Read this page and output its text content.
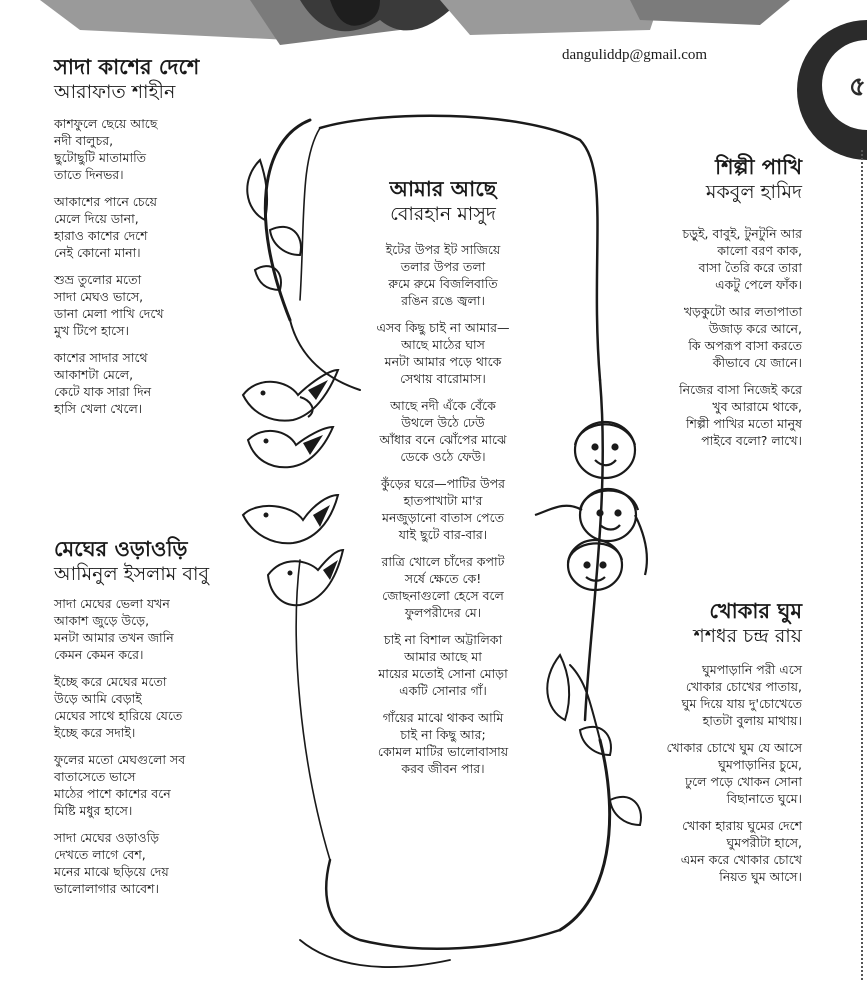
৫
danguliddp@gmail.com
সাদা কাশের দেশে
আরাফাত শাহীন
কাশফুলে ছেয়ে আছে
নদী বালুচর,
ছুটোছুটি মাতামাতি
তাতে দিনভর।
আকাশের পানে চেয়ে
মেলে দিয়ে ডানা,
হারাও কাশের দেশে
নেই কোনো মানা।
শুভ্র তুলোর মতো
সাদা মেঘও ভাসে,
ডানা মেলা পাখি দেখে
মুখ টিপে হাসে।
কাশের সাদার সাথে
আকাশটা মেলে,
কেটে যাক সারা দিন
হাসি খেলা খেলে।
মেঘের ওড়াওড়ি
আমিনুল ইসলাম বাবু
সাদা মেঘের ভেলা যখন
আকাশ জুড়ে উড়ে,
মনটা আমার তখন জানি
কেমন কেমন করে।
ইচ্ছে করে মেঘের মতো
উড়ে আমি বেড়াই
মেঘের সাথে হারিয়ে যেতে
ইচ্ছে করে সদাই।
ফুলের মতো মেঘগুলো সব
বাতাসেতে ভাসে
মাঠের পাশে কাশের বনে
মিষ্টি মধুর হাসে।
সাদা মেঘের ওড়াওড়ি
দেখতে লাগে বেশ,
মনের মাঝে ছড়িয়ে দেয়
ভালোলাগার আবেশ।
আমার আছে
বোরহান মাসুদ
ইটের উপর ইট সাজিয়ে
তলার উপর তলা
রুমে রুমে বিজলিবাতি
রঙিন রঙে জ্বলা।
এসব কিছু চাই না আমার—
আছে মাঠের ঘাস
মনটা আমার পড়ে থাকে
সেথায় বারোমাস।
আছে নদী এঁকে বেঁকে
উথলে উঠে ঢেউ
আঁধার বনে ঝোঁপের মাঝে
ডেকে ওঠে ফেউ।
কুঁড়ের ঘরে—পাটির উপর
হাতপাখাটা মা'র
মনজুড়ানো বাতাস পেতে
যাই ছুটে বার-বার।
রাত্রি খোলে চাঁদের কপাট
সর্ষে ক্ষেতে কে!
জোছনাগুলো হেসে বলে
ফুলপরীদের মে।
চাই না বিশাল অট্টালিকা
আমার আছে মা
মায়ের মতোই সোনা মোড়া
একটি সোনার গাঁ।
গাঁয়ের মাঝে থাকব আমি
চাই না কিছু আর;
কোমল মাটির ভালোবাসায়
করব জীবন পার।
শিল্পী পাখি
মকবুল হামিদ
চড়ুই, বাবুই, টুনটুনি আর
কালো বরণ কাক,
বাসা তৈরি করে তারা
একটু পেলে ফাঁক।
খড়কুটো আর লতাপাতা
উজাড় করে আনে,
কি অপরূপ বাসা করতে
কীভাবে যে জানে।
নিজের বাসা নিজেই করে
খুব আরামে থাকে,
শিল্পী পাখির মতো মানুষ
পাইবে বলো? লাখে।
খোকার ঘুম
শশধর চন্দ্র রায়
ঘুমপাড়ানি পরী এসে
খোকার চোখের পাতায়,
ঘুম দিয়ে যায় দু'চোখেতে
হাতটা বুলায় মাথায়।
খোকার চোখে ঘুম যে আসে
ঘুমপাড়ানির চুমে,
ঢুলে পড়ে খোকন সোনা
বিছানাতে ঘুমে।
খোকা হারায় ঘুমের দেশে
ঘুমপরীটা হাসে,
এমন করে খোকার চোখে
নিয়ত ঘুম আসে।
